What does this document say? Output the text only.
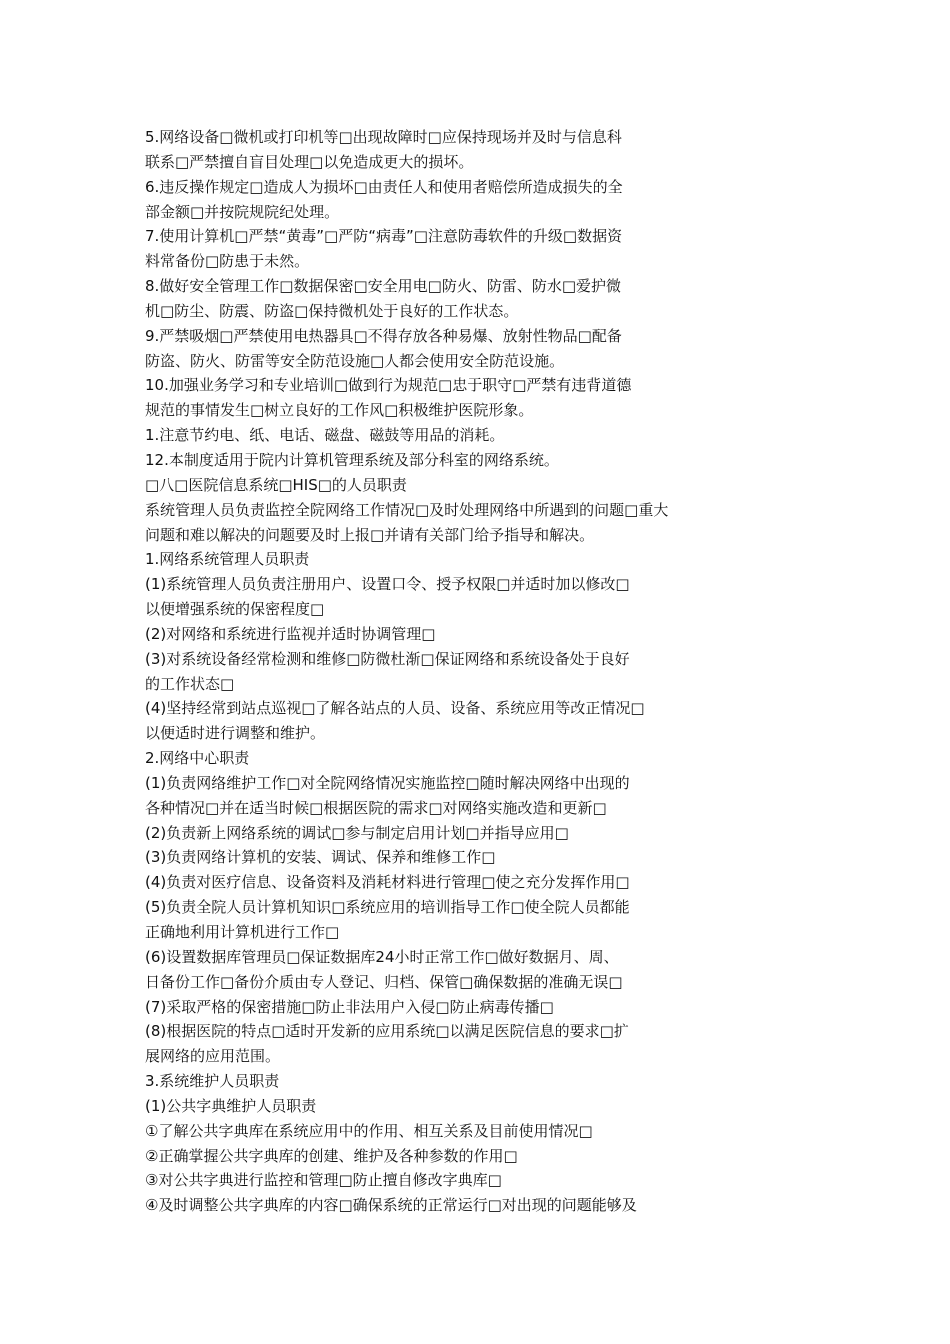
5.网络设备□微机或打印机等□出现故障时□应保持现场并及时与信息科
联系□严禁擅自盲目处理□以免造成更大的损坏。
6.违反操作规定□造成人为损坏□由责任人和使用者赔偿所造成损失的全
部金额□并按院规院纪处理。
7.使用计算机□严禁“黄毒”□严防“病毒”□注意防毒软件的升级□数据资
料常备份□防患于未然。
8.做好安全管理工作□数据保密□安全用电□防火、防雷、防水□爱护微
机□防尘、防震、防盗□保持微机处于良好的工作状态。
9.严禁吸烟□严禁使用电热器具□不得存放各种易爆、放射性物品□配备
防盗、防火、防雷等安全防范设施□人都会使用安全防范设施。
10.加强业务学习和专业培训□做到行为规范□忠于职守□严禁有违背道德
规范的事情发生□树立良好的工作风□积极维护医院形象。
1.注意节约电、纸、电话、磁盘、磁鼓等用品的消耗。
12.本制度适用于院内计算机管理系统及部分科室的网络系统。
□八□医院信息系统□HIS□的人员职责
系统管理人员负责监控全院网络工作情况□及时处理网络中所遇到的问题□重大
问题和难以解决的问题要及时上报□并请有关部门给予指导和解决。
1.网络系统管理人员职责
(1)系统管理人员负责注册用户、设置口令、授予权限□并适时加以修改□
以便增强系统的保密程度□
(2)对网络和系统进行监视并适时协调管理□
(3)对系统设备经常检测和维修□防微杜渐□保证网络和系统设备处于良好
的工作状态□
(4)坚持经常到站点巡视□了解各站点的人员、设备、系统应用等改正情况□
以便适时进行调整和维护。
2.网络中心职责
(1)负责网络维护工作□对全院网络情况实施监控□随时解决网络中出现的
各种情况□并在适当时候□根据医院的需求□对网络实施改造和更新□
(2)负责新上网络系统的调试□参与制定启用计划□并指导应用□
(3)负责网络计算机的安装、调试、保养和维修工作□
(4)负责对医疗信息、设备资料及消耗材料进行管理□使之充分发挥作用□
(5)负责全院人员计算机知识□系统应用的培训指导工作□使全院人员都能
正确地利用计算机进行工作□
(6)设置数据库管理员□保证数据库24小时正常工作□做好数据月、周、
日备份工作□备份介质由专人登记、归档、保管□确保数据的准确无误□
(7)采取严格的保密措施□防止非法用户入侵□防止病毒传播□
(8)根据医院的特点□适时开发新的应用系统□以满足医院信息的要求□扩
展网络的应用范围。
3.系统维护人员职责
(1)公共字典维护人员职责
①了解公共字典库在系统应用中的作用、相互关系及目前使用情况□
②正确掌握公共字典库的创建、维护及各种参数的作用□
③对公共字典进行监控和管理□防止擅自修改字典库□
④及时调整公共字典库的内容□确保系统的正常运行□对出现的问题能够及
